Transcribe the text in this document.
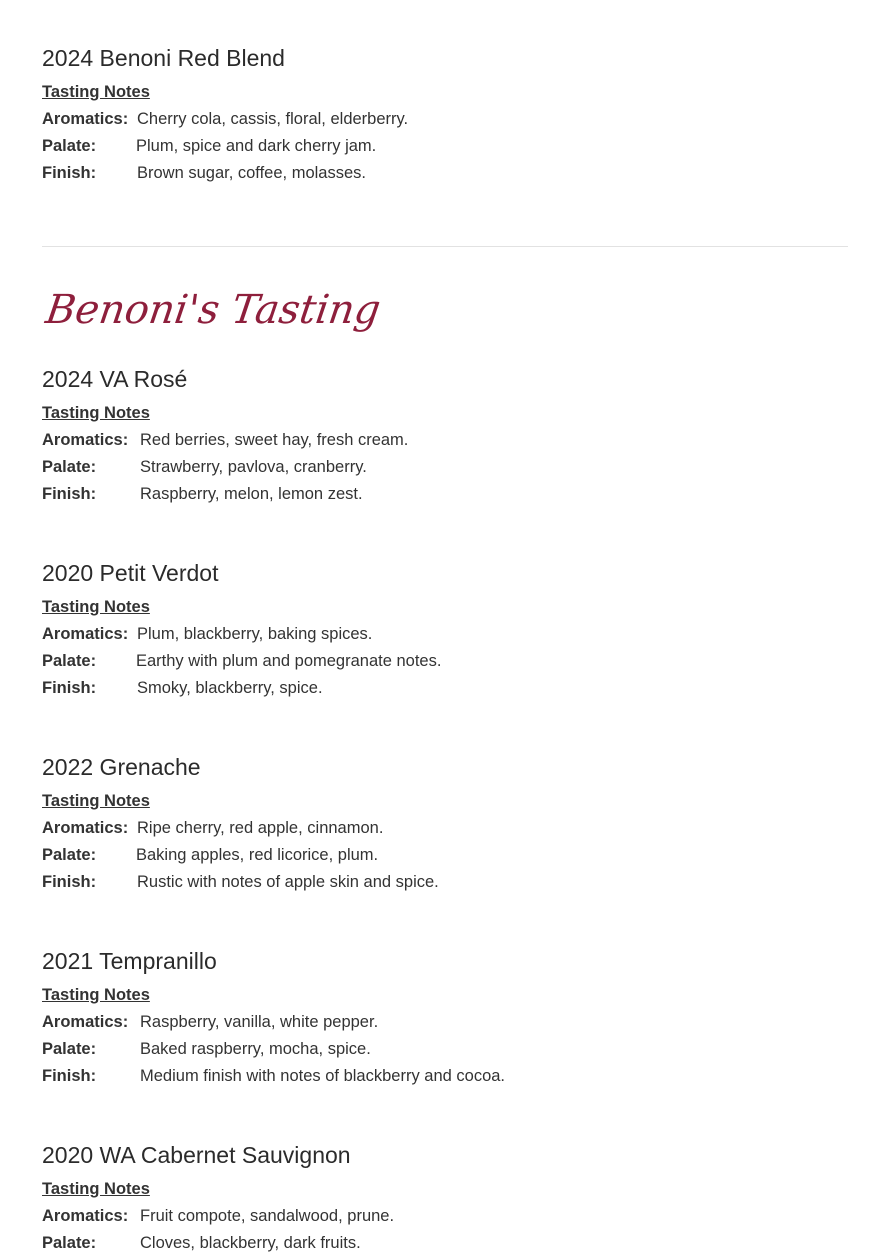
2024 Benoni Red Blend
Tasting Notes
Aromatics: Cherry cola, cassis, floral, elderberry.
Palate: Plum, spice and dark cherry jam.
Finish: Brown sugar, coffee, molasses.
Benoni's Tasting
2024 VA Rosé
Tasting Notes
Aromatics: Red berries, sweet hay, fresh cream.
Palate:	Strawberry, pavlova, cranberry.
Finish:	Raspberry, melon, lemon zest.
2020 Petit Verdot
Tasting Notes
Aromatics: Plum, blackberry, baking spices.
Palate: Earthy with plum and pomegranate notes.
Finish: Smoky, blackberry, spice.
2022 Grenache
Tasting Notes
Aromatics: Ripe cherry, red apple, cinnamon.
Palate: Baking apples, red licorice, plum.
Finish: Rustic with notes of apple skin and spice.
2021 Tempranillo
Tasting Notes
Aromatics: Raspberry, vanilla, white pepper.
Palate:	Baked raspberry, mocha, spice.
Finish:	Medium finish with notes of blackberry and cocoa.
2020 WA Cabernet Sauvignon
Tasting Notes
Aromatics: Fruit compote, sandalwood, prune.
Palate:	Cloves, blackberry, dark fruits.
